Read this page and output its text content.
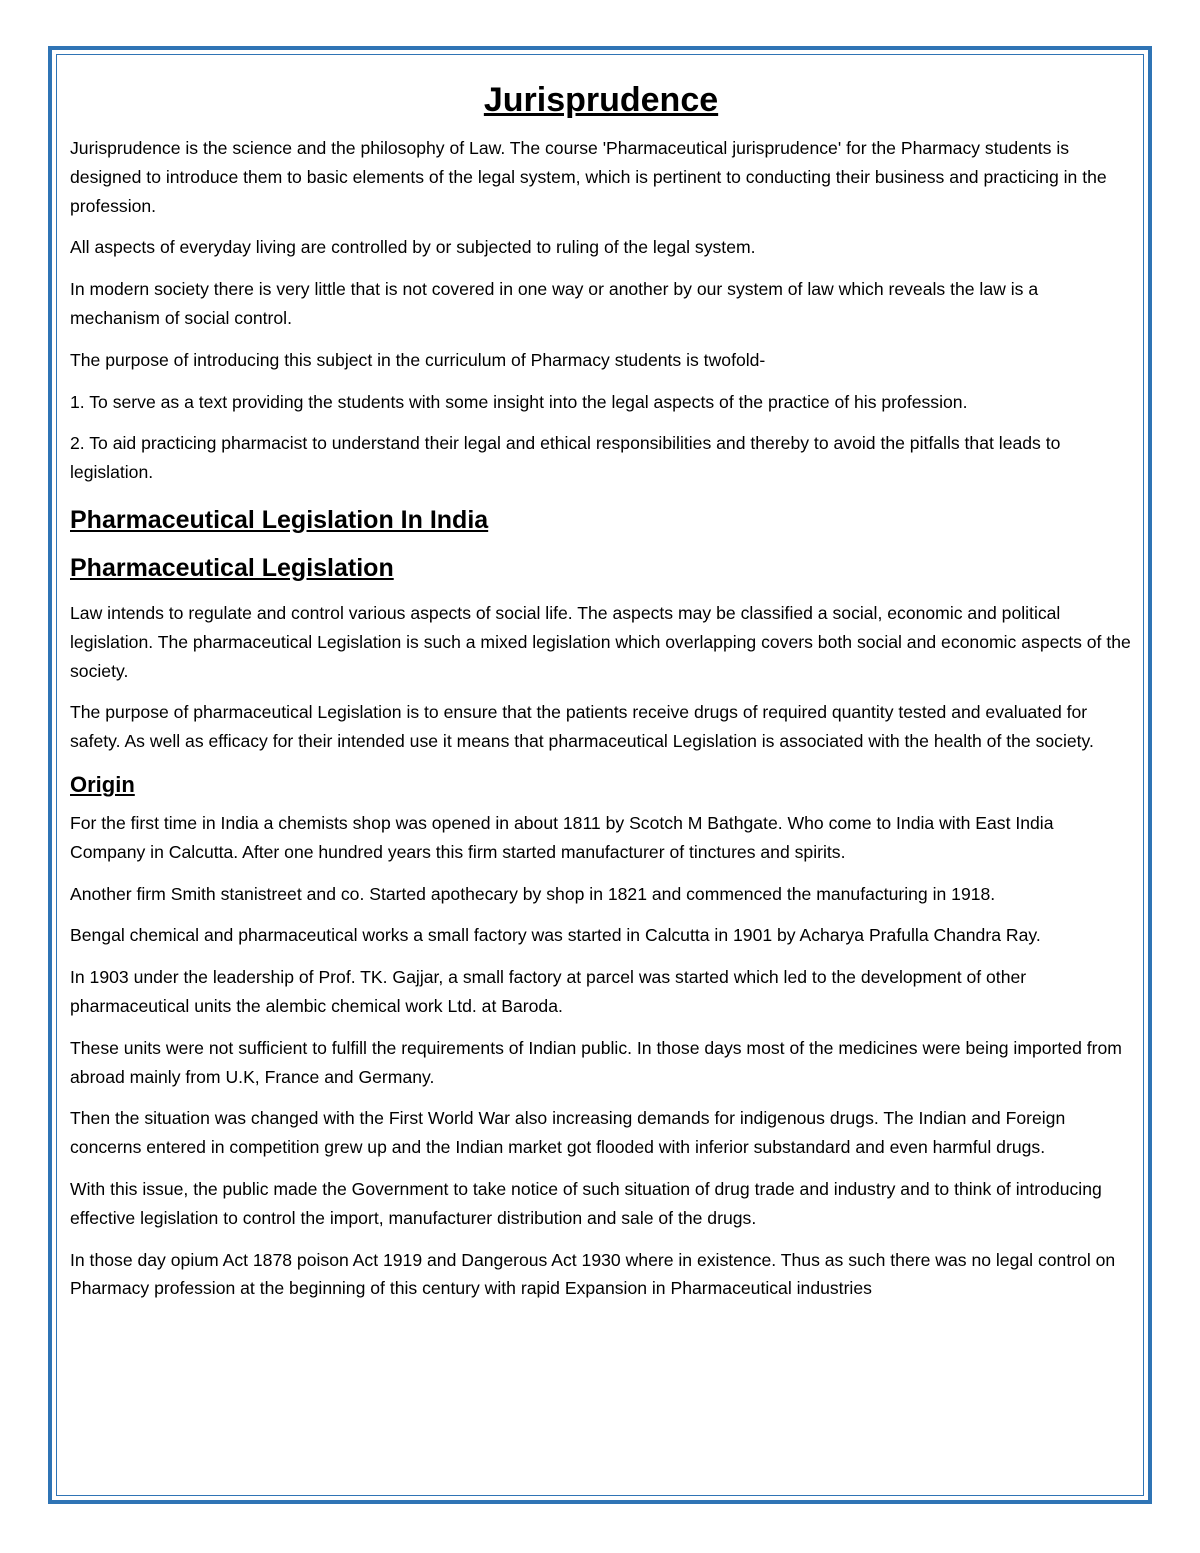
Jurisprudence

Jurisprudence is the science and the philosophy of Law. The course 'Pharmaceutical jurisprudence' for the Pharmacy students is designed to introduce them to basic elements of the legal system, which is pertinent to conducting their business and practicing in the profession.

All aspects of everyday living are controlled by or subjected to ruling of the legal system.

In modern society there is very little that is not covered in one way or another by our system of law which reveals the law is a mechanism of social control.

The purpose of introducing this subject in the curriculum of Pharmacy students is twofold-

1. To serve as a text providing the students with some insight into the legal aspects of the practice of his profession.

2. To aid practicing pharmacist to understand their legal and ethical responsibilities and thereby to avoid the pitfalls that leads to legislation.

Pharmaceutical Legislation In India
Pharmaceutical Legislation

Law intends to regulate and control various aspects of social life. The aspects may be classified a social, economic and political legislation. The pharmaceutical Legislation is such a mixed legislation which overlapping covers both social and economic aspects of the society.

The purpose of pharmaceutical Legislation is to ensure that the patients receive drugs of required quantity tested and evaluated for safety. As well as efficacy for their intended use it means that pharmaceutical Legislation is associated with the health of the society.

Origin

For the first time in India a chemists shop was opened in about 1811 by Scotch M Bathgate. Who come to India with East India Company in Calcutta. After one hundred years this firm started manufacturer of tinctures and spirits.

Another firm Smith stanistreet and co. Started apothecary by shop in 1821 and commenced the manufacturing in 1918.

Bengal chemical and pharmaceutical works a small factory was started in Calcutta in 1901 by Acharya Prafulla Chandra Ray.

In 1903 under the leadership of Prof. TK. Gajjar, a small factory at parcel was started which led to the development of other pharmaceutical units the alembic chemical work Ltd. at Baroda.

These units were not sufficient to fulfill the requirements of Indian public. In those days most of the medicines were being imported from abroad mainly from U.K, France and Germany.

Then the situation was changed with the First World War also increasing demands for indigenous drugs. The Indian and Foreign concerns entered in competition grew up and the Indian market got flooded with inferior substandard and even harmful drugs.

With this issue, the public made the Government to take notice of such situation of drug trade and industry and to think of introducing effective legislation to control the import, manufacturer distribution and sale of the drugs.

In those day opium Act 1878 poison Act 1919 and Dangerous Act 1930 where in existence. Thus as such there was no legal control on Pharmacy profession at the beginning of this century with rapid Expansion in Pharmaceutical industries
